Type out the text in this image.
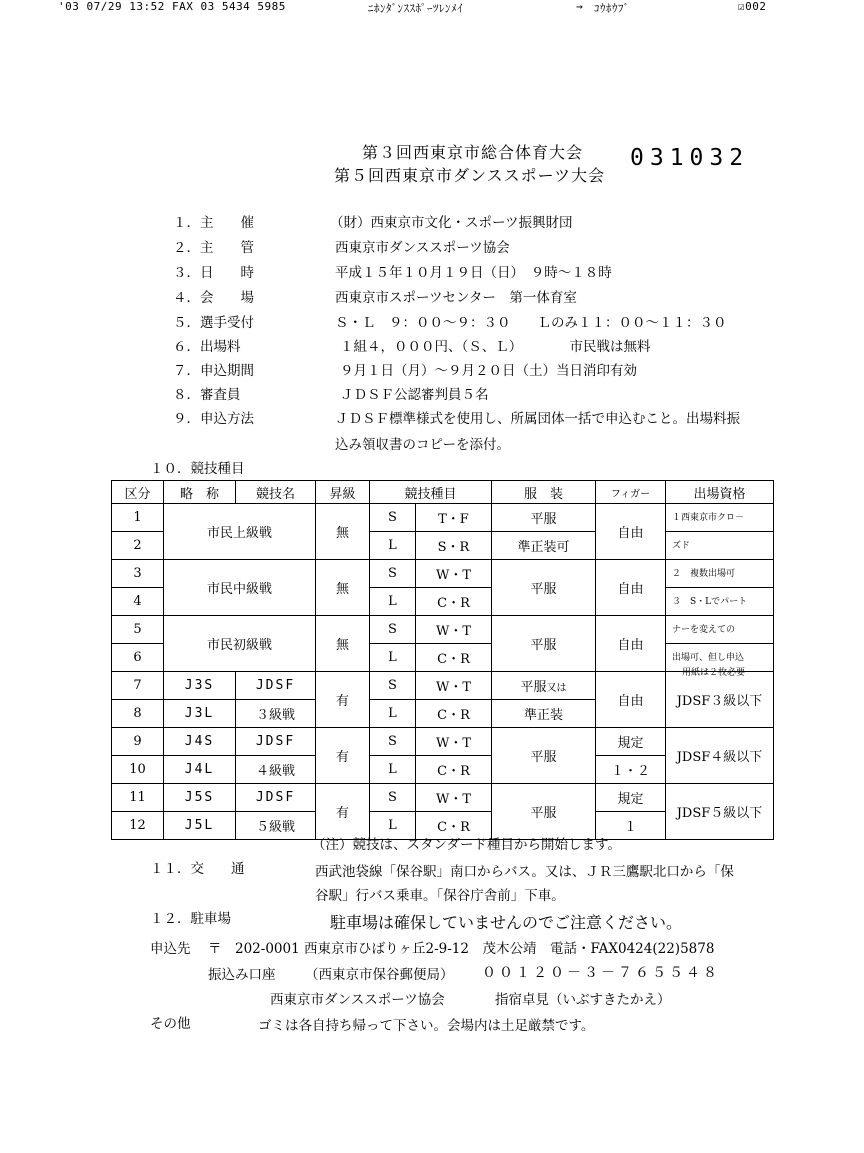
'03 07/29 13:52 FAX 03 5434 5985	ﾆﾎﾝﾀﾞﾝｽｽﾎﾟｰﾂﾚﾝﾒｲ	→ ｺｳﾎｳﾌﾞ	☑002
第３回西東京市総合体育大会
第５回西東京市ダンススポーツ大会
031032
１．主　　催	（財）西東京市文化・スポーツ振興財団
２．主　　管	西東京市ダンススポーツ協会
３．日　　時	平成１５年１０月１９日（日）　９時～１８時
４．会　　場	西東京市スポーツセンター　第一体育室
５．選手受付	Ｓ・Ｌ　９：００～９：３０　　Ｌのみ１１：００～１１：３０
６．出場料	１組４，０００円、（Ｓ、Ｌ）　　　　市民戦は無料
７．申込期間	９月１日（月）～９月２０日（土）当日消印有効
８．審査員	ＪＤＳＦ公認審判員５名
９．申込方法	ＪＤＳＦ標準様式を使用し、所属団体一括で申込むこと。出場料振
込み領収書のコピーを添付。
１０．競技種目
区分	略　称	競技名	昇級	競技種目		服　装	フィガー	出場資格
1	市民上級戦		無	S	T・F	平服	自由	１西東京市クロ－
2				L	S・R	準正装可		ズド
3	市民中級戦		無	S	W・T	平服	自由	２　複数出場可
4				L	C・R			３　S・Lでパート
5	市民初級戦		無	S	W・T	平服	自由	ナーを変えての
6				L	C・R			出場可、但し申込

7	J3S	JDSF	有	S	W・T	平服又は	自由	JDSF３級以下
8	J3L	３級戦		L	C・R	準正装		
9	J4S	JDSF	有	S	W・T	平服	規定	JDSF４級以下
10	J4L	４級戦		L	C・R		１・２	
11	J5S	JDSF	有	S	W・T	平服	規定	JDSF５級以下
12	J5L	５級戦		L	C・R		１	
用紙は２枚必要
（注）競技は、スタンダード種目から開始します。
１１．交　　通	西武池袋線「保谷駅」南口からバス。又は、ＪＲ三鷹駅北口から「保
谷駅」行バス乗車。「保谷庁舎前」下車。
１２．駐車場	駐車場は確保していませんのでご注意ください。
申込先 〒　202-0001 西東京市ひばりヶ丘2-9-12　茂木公靖　電話・FAX0424(22)5878
振込み口座 （西東京市保谷郵便局） ００１２０－３－７６５５４８
西東京市ダンススポーツ協会	指宿卓見（いぶすきたかえ）
その他	ゴミは各自持ち帰って下さい。会場内は土足厳禁です。
